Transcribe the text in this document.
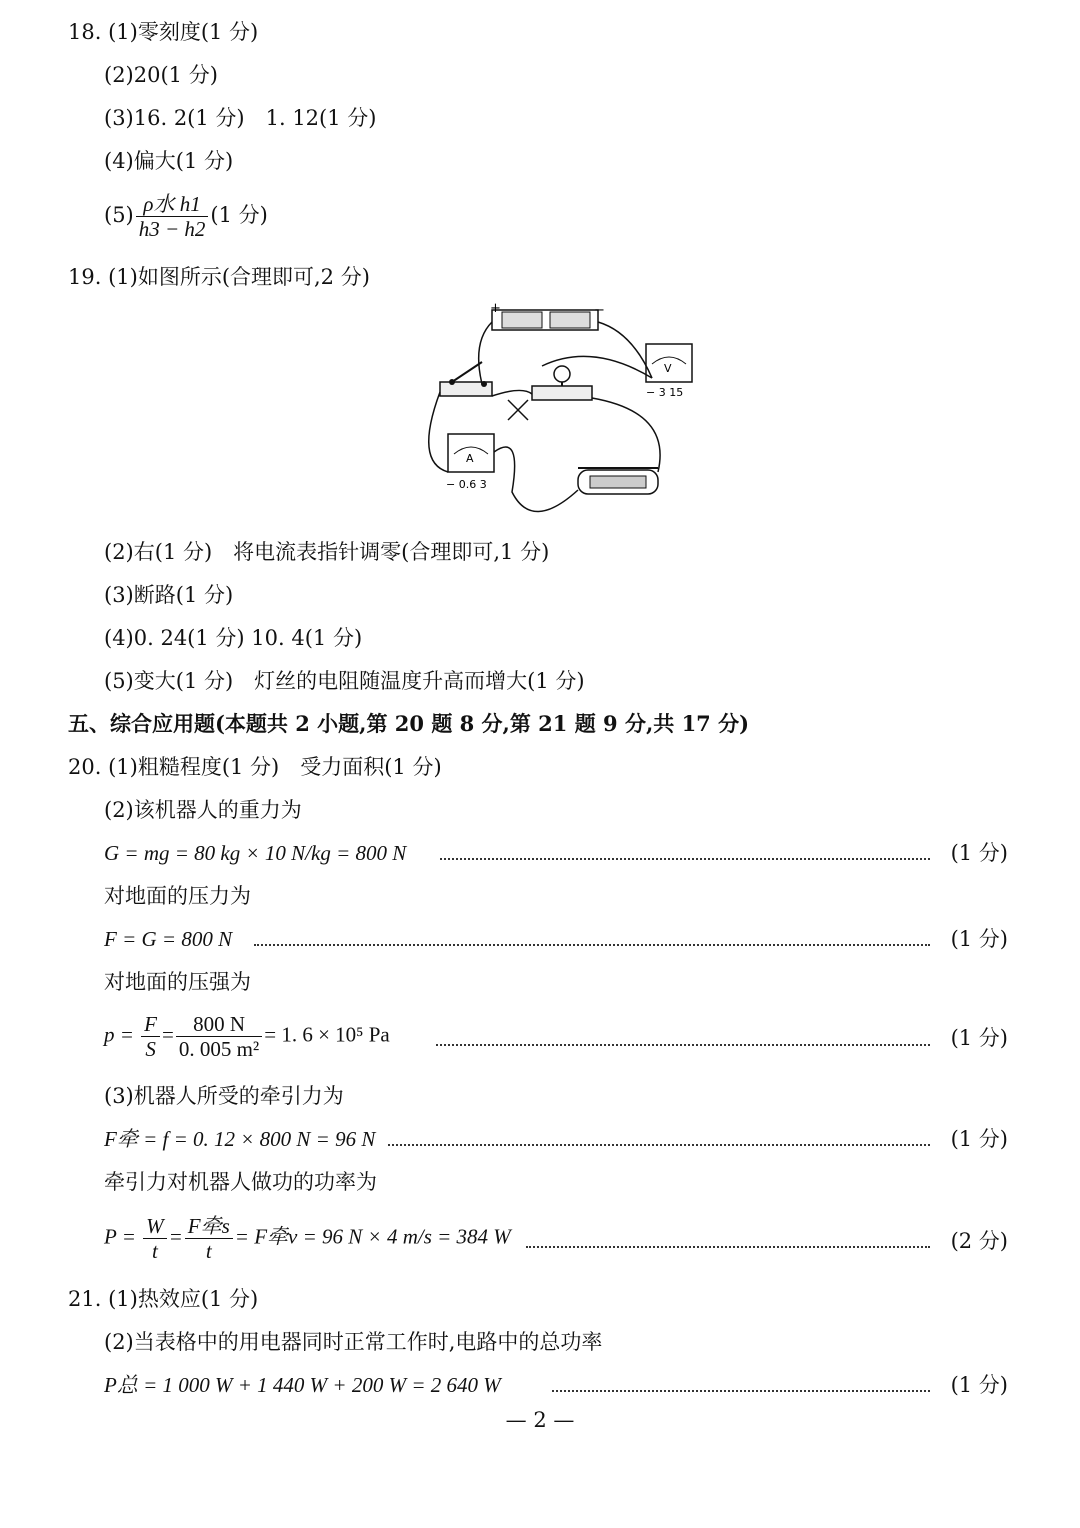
18. (1)零刻度(1 分)
(2)20(1 分)
(3)16. 2(1 分)　1. 12(1 分)
(4)偏大(1 分)
$(5) \frac{\text{ρ水 h1}}{h3 - h2} (1$ 分)
19. (1)如图所示(合理即可,2 分)
+	−
V
− 3 15
A
− 0.6 3
(2)右(1 分)　将电流表指针调零(合理即可,1 分)
(3)断路(1 分)
(4)0. 24(1 分) 10. 4(1 分)
(5)变大(1 分)　灯丝的电阻随温度升高而增大(1 分)
五、综合应用题(本题共 2 小题,第 20 题 8 分,第 21 题 9 分,共 17 分)
20. (1)粗糙程度(1 分)　受力面积(1 分)
(2)该机器人的重力为
G = mg = 80 kg × 10 N/kg = 800 N	(1 分)
对地面的压力为
F = G = 800 N	(1 分)
对地面的压强为
$p = \frac{F}{S} = \frac{800 N}{\text{0. 005 m²}} = 1$. 6 × 10⁵ Pa	(1 分)
(3)机器人所受的牵引力为
F牵 = f = 0. 12 × 800 N = 96 N	(1 分)
牵引力对机器人做功的功率为
$P = \frac{W}{t} = \frac{\text{F牵s}}{t} = F$牵v = 96 N × 4 m/s = 384 W	(2 分)
21. (1)热效应(1 分)
(2)当表格中的用电器同时正常工作时,电路中的总功率
P总 = 1 000 W + 1 440 W + 200 W = 2 640 W	(1 分)
— 2 —
